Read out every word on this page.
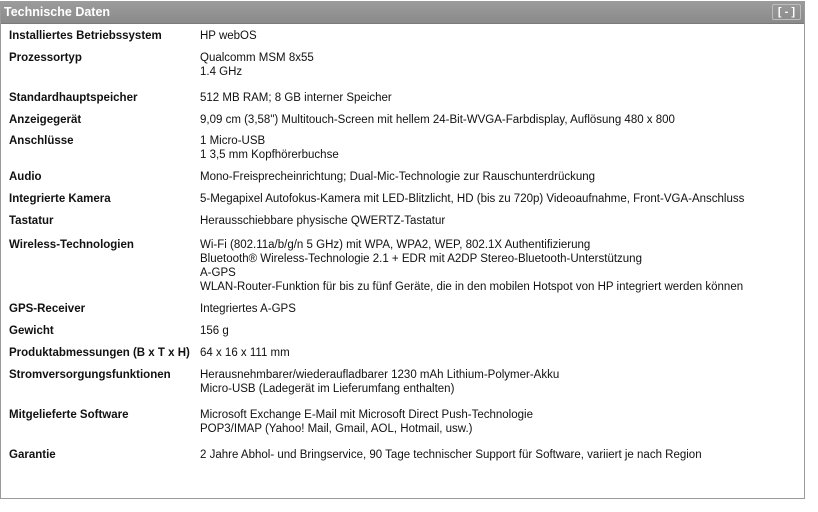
Technische Daten	[ - ]
Installiertes Betriebssystem	HP webOS

Prozessortyp	Qualcomm MSM 8x55
1.4 GHz

Standardhauptspeicher	512 MB RAM; 8 GB interner Speicher

Anzeigegerät	9,09 cm (3,58") Multitouch-Screen mit hellem 24-Bit-WVGA-Farbdisplay, Auflösung 480 x 800

Anschlüsse	1 Micro-USB
1 3,5 mm Kopfhörerbuchse

Audio	Mono-Freisprecheinrichtung; Dual-Mic-Technologie zur Rauschunterdrückung

Integrierte Kamera	5-Megapixel Autofokus-Kamera mit LED-Blitzlicht, HD (bis zu 720p) Videoaufnahme, Front-VGA-Anschluss

Tastatur	Herausschiebbare physische QWERTZ-Tastatur

Wireless-Technologien	Wi-Fi (802.11a/b/g/n 5 GHz) mit WPA, WPA2, WEP, 802.1X Authentifizierung
Bluetooth® Wireless-Technologie 2.1 + EDR mit A2DP Stereo-Bluetooth-Unterstützung
A-GPS
WLAN-Router-Funktion für bis zu fünf Geräte, die in den mobilen Hotspot von HP integriert werden können

GPS-Receiver	Integriertes A-GPS

Gewicht	156 g

Produktabmessungen (B x T x H)	64 x 16 x 111 mm

Stromversorgungsfunktionen	Herausnehmbarer/wiederaufladbarer 1230 mAh Lithium-Polymer-Akku
Micro-USB (Ladegerät im Lieferumfang enthalten)

Mitgelieferte Software	Microsoft Exchange E-Mail mit Microsoft Direct Push-Technologie
POP3/IMAP (Yahoo! Mail, Gmail, AOL, Hotmail, usw.)

Garantie	2 Jahre Abhol- und Bringservice, 90 Tage technischer Support für Software, variiert je nach Region
